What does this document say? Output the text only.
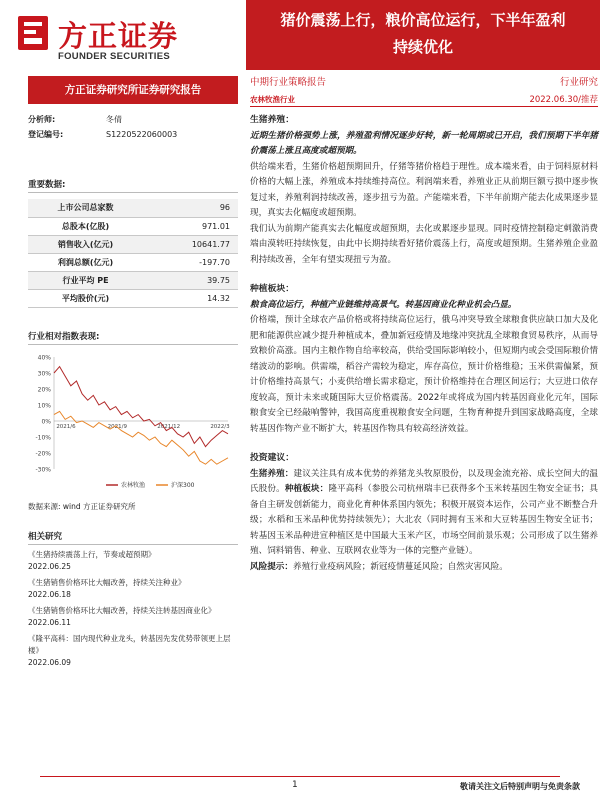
方正证券
FOUNDER SECURITIES
猪价震荡上行，粮价高位运行，下半年盈利
持续优化
方正证券研究所证券研究报告
中期行业策略报告	行业研究
农林牧渔行业	2022.06.30/推荐
分析师:	冬倩
登记编号:	S1220522060003
重要数据:
上市公司总家数	96
总股本(亿股)	971.01
销售收入(亿元)	10641.77
利润总额(亿元)	-197.70
行业平均 PE	39.75
平均股价(元)	14.32
行业相对指数表现:
40%
30%
20%
10%
0%
-10%
-20%
-30%
2021/6	2021/9	2021/12	2022/3
农林牧渔	沪深300
数据来源: wind 方正证券研究所
相关研究
《生猪持续震荡上行，节奏或超预期》
2022.06.25
《生猪销售价格环比大幅改善，持续关注种业》
2022.06.18
《生猪销售价格环比大幅改善，持续关注转基因商业化》
2022.06.11
《隆平高科：国内现代种业龙头，转基因先发优势带领更上层楼》
2022.06.09
生猪养殖：
近期生猪价格强势上涨，养殖盈利情况逐步好转，新一轮周期或已开启，我们预期下半年猪价震荡上涨且高度或超预期。
供给端来看，生猪价格超预期回升，仔猪等猪价格趋于理性。成本端来看，由于饲料原材料价格的大幅上涨，养殖成本持续维持高位。利润端来看，养殖业正从前期巨额亏损中逐步恢复过来，养殖利润持续改善，逐步扭亏为盈。产能端来看，下半年前期产能去化成果逐步显现，真实去化幅度或超预期。
我们认为前期产能真实去化幅度或超预期，去化或累逐步显现。同时疫情控制稳定刺激消费端由漠转旺持续恢复，由此中长期持续看好猪价震荡上行，高度或超预期。生猪养殖企业盈利持续改善，全年有望实现扭亏为盈。
种植板块：
粮食高位运行，种植产业链维持高景气。转基因商业化种业机会凸显。
价格端，预计全球农产品价格或将持续高位运行，俄乌冲突导致全球粮食供应缺口加大及化肥和能源供应减少提升种植成本，叠加新冠疫情及地缘冲突扰乱全球粮食贸易秩序，从而导致粮价高涨。国内主粮作物自给率较高，供给受国际影响较小，但短期内或会受国际粮价情绪波动的影响。供需端，稻谷产需较为稳定，库存高位，预计价格维稳；玉米供需偏紧，预计价格维持高景气；小麦供给增长需求稳定，预计价格维持在合理区间运行；大豆进口依存度较高，预计未来或随国际大豆价格震荡。2022年或将成为国内转基因商业化元年，国际粮食安全已经敲响警钟，我国高度重视粮食安全问题，生物育种提升到国家战略高度，全球转基因作物产业不断扩大，转基因作物具有较高经济效益。
投资建议：
生猪养殖：建议关注具有成本优势的养猪龙头牧原股份，以及现金流充裕、成长空间大的温氏股份。种植板块：隆平高科（参股公司杭州瑞丰已获得多个玉米转基因生物安全证书；具备自主研发创新能力，商业化育种体系国内领先；积极开展资本运作，公司产业不断整合升级；水稻和玉米品种优势持续领先）；大北农（同时拥有玉米和大豆转基因生物安全证书；转基因玉米品种进宣种植区是中国最大玉米产区，市场空间前景乐观；公司形成了以生猪养殖、饲料销售、种业、互联网农业等为一体的完整产业链）。
风险提示：养殖行业疫病风险；新冠疫情蔓延风险；自然灾害风险。
1	敬请关注文后特别声明与免责条款
